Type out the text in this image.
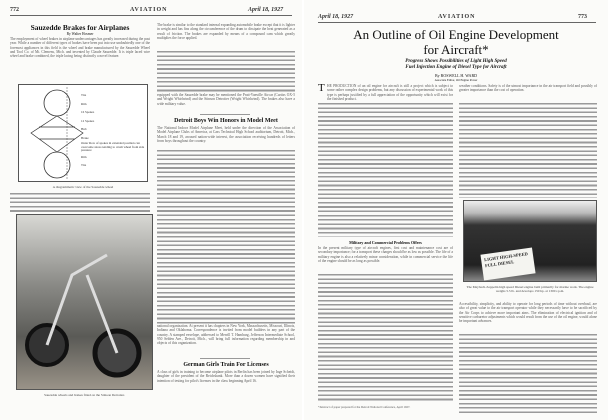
772	AVIATION	April 18, 1927
Sauzedde Brakes for Airplanes
By Walter Hosmer
The employment of wheel brakes in airplane undercarriages has greatly increased during the past year. While a number of different types of brakes have been put into use undoubtedly one of the foremost appliances in this field is the wheel and brake manufactured by the Sauzedde Wheel and Tool Co. of Mt. Clemens, Mich. and invented by Claude Sauzedde. It is triple laced wire wheel and brake combined, the triple lacing being distinctly a novel feature.
Tire
Rim
16 Spokes
12 Spokes
Hub
Brake
Outer Row of spokes in extended position can overcome stress tending to crush wheel from side pressure
Rim
Tire
A diagrammatic view of the Sauzedde wheel
Sauzedde wheels and brakes fitted on the Stinson Detroiter.
The brake is similar to the standard internal expanding automobile brake except that it is lighter in weight and has fins along the circumference of the drum to dissipate the heat generated as a result of friction. The brakes are expanded by means of a compound cam which greatly multiplies the force applied.
equipped with the Sauzedde brake may be mentioned the Pratt-Vanville Aircar (Curtiss OX-5 and Wright Whirlwind) and the Stinson Detroiter (Wright Whirlwind). The brakes also have a wide military value.
Detroit Boys Win Honors in Model Meet
The National Indoor Model Airplane Meet, held under the direction of the Association of Model Airplane Clubs of America, at Cass Technical High School auditorium, Detroit, Mich., March 18 and 19, aroused nation-wide interest, the association receiving hundreds of letters from boys throughout the country.
national organization. At present it has chapters in New York, Massachusetts, Missouri, Illinois, Indiana and Oklahoma. Correspondence is invited from model builders in any part of the country. A stamped envelope, addressed to Merrill T. Hamburg, Jefferson Intermediate School, 950 Selden Ave., Detroit, Mich., will bring full information regarding membership in and objects of this organization.
German Girls Train For Licenses
A class of girls in training to become airplane pilots in Berlin has been joined by Inge Scheidt, daughter of the president of the Reichsbank. More than a dozen women have signified their intention of testing for pilot's licenses in the class beginning April 16.
April 18, 1927	AVIATION	773
An Outline of Oil Engine Development
for Aircraft*
Progress Shows Possibilities of Light High Speed
Fuel Injection Engine of Diesel Type for Aircraft
By ROSWELL H. WARD
Associate Editor, Oil Engine Power
T HE PRODUCTION of an oil engine for aircraft is still a project which is subject to some rather complex design problems, but any discussion of experimental work of this type is perhaps justified by a full appreciation of the opportunity which will exist for the finished product.
Military and Commercial Problems Offers
In the present military type of aircraft engines, first cost and maintenance cost are of secondary importance; for a transport these charges should be as low as possible. The life of a military engine is also a relatively minor consideration, while in commercial service the life of the engine should be as long as possible.
*Abstract of paper prepared for the Detroit National Conference, April 1927.
weather conditions. Safety is of the utmost importance in the air transport field and possibly of greater importance than the cost of operation.
LIGHT HIGH-SPEED FULL DIESEL
The Maybach-Zeppelin high speed Diesel engine built primarily for marine work. The engine weighs 5.5 lb. and develops 150 hp. at 1300 r.p.m.
Accessibility, simplicity, and ability to operate for long periods of time without overhaul, are also of great value to the air transport operator while they necessarily have to be sacrificed by the Air Corps to achieve more important aims. The elimination of electrical ignition and of sensitive carburetor adjustments which would result from the use of the oil engine, would alone be important advances.
